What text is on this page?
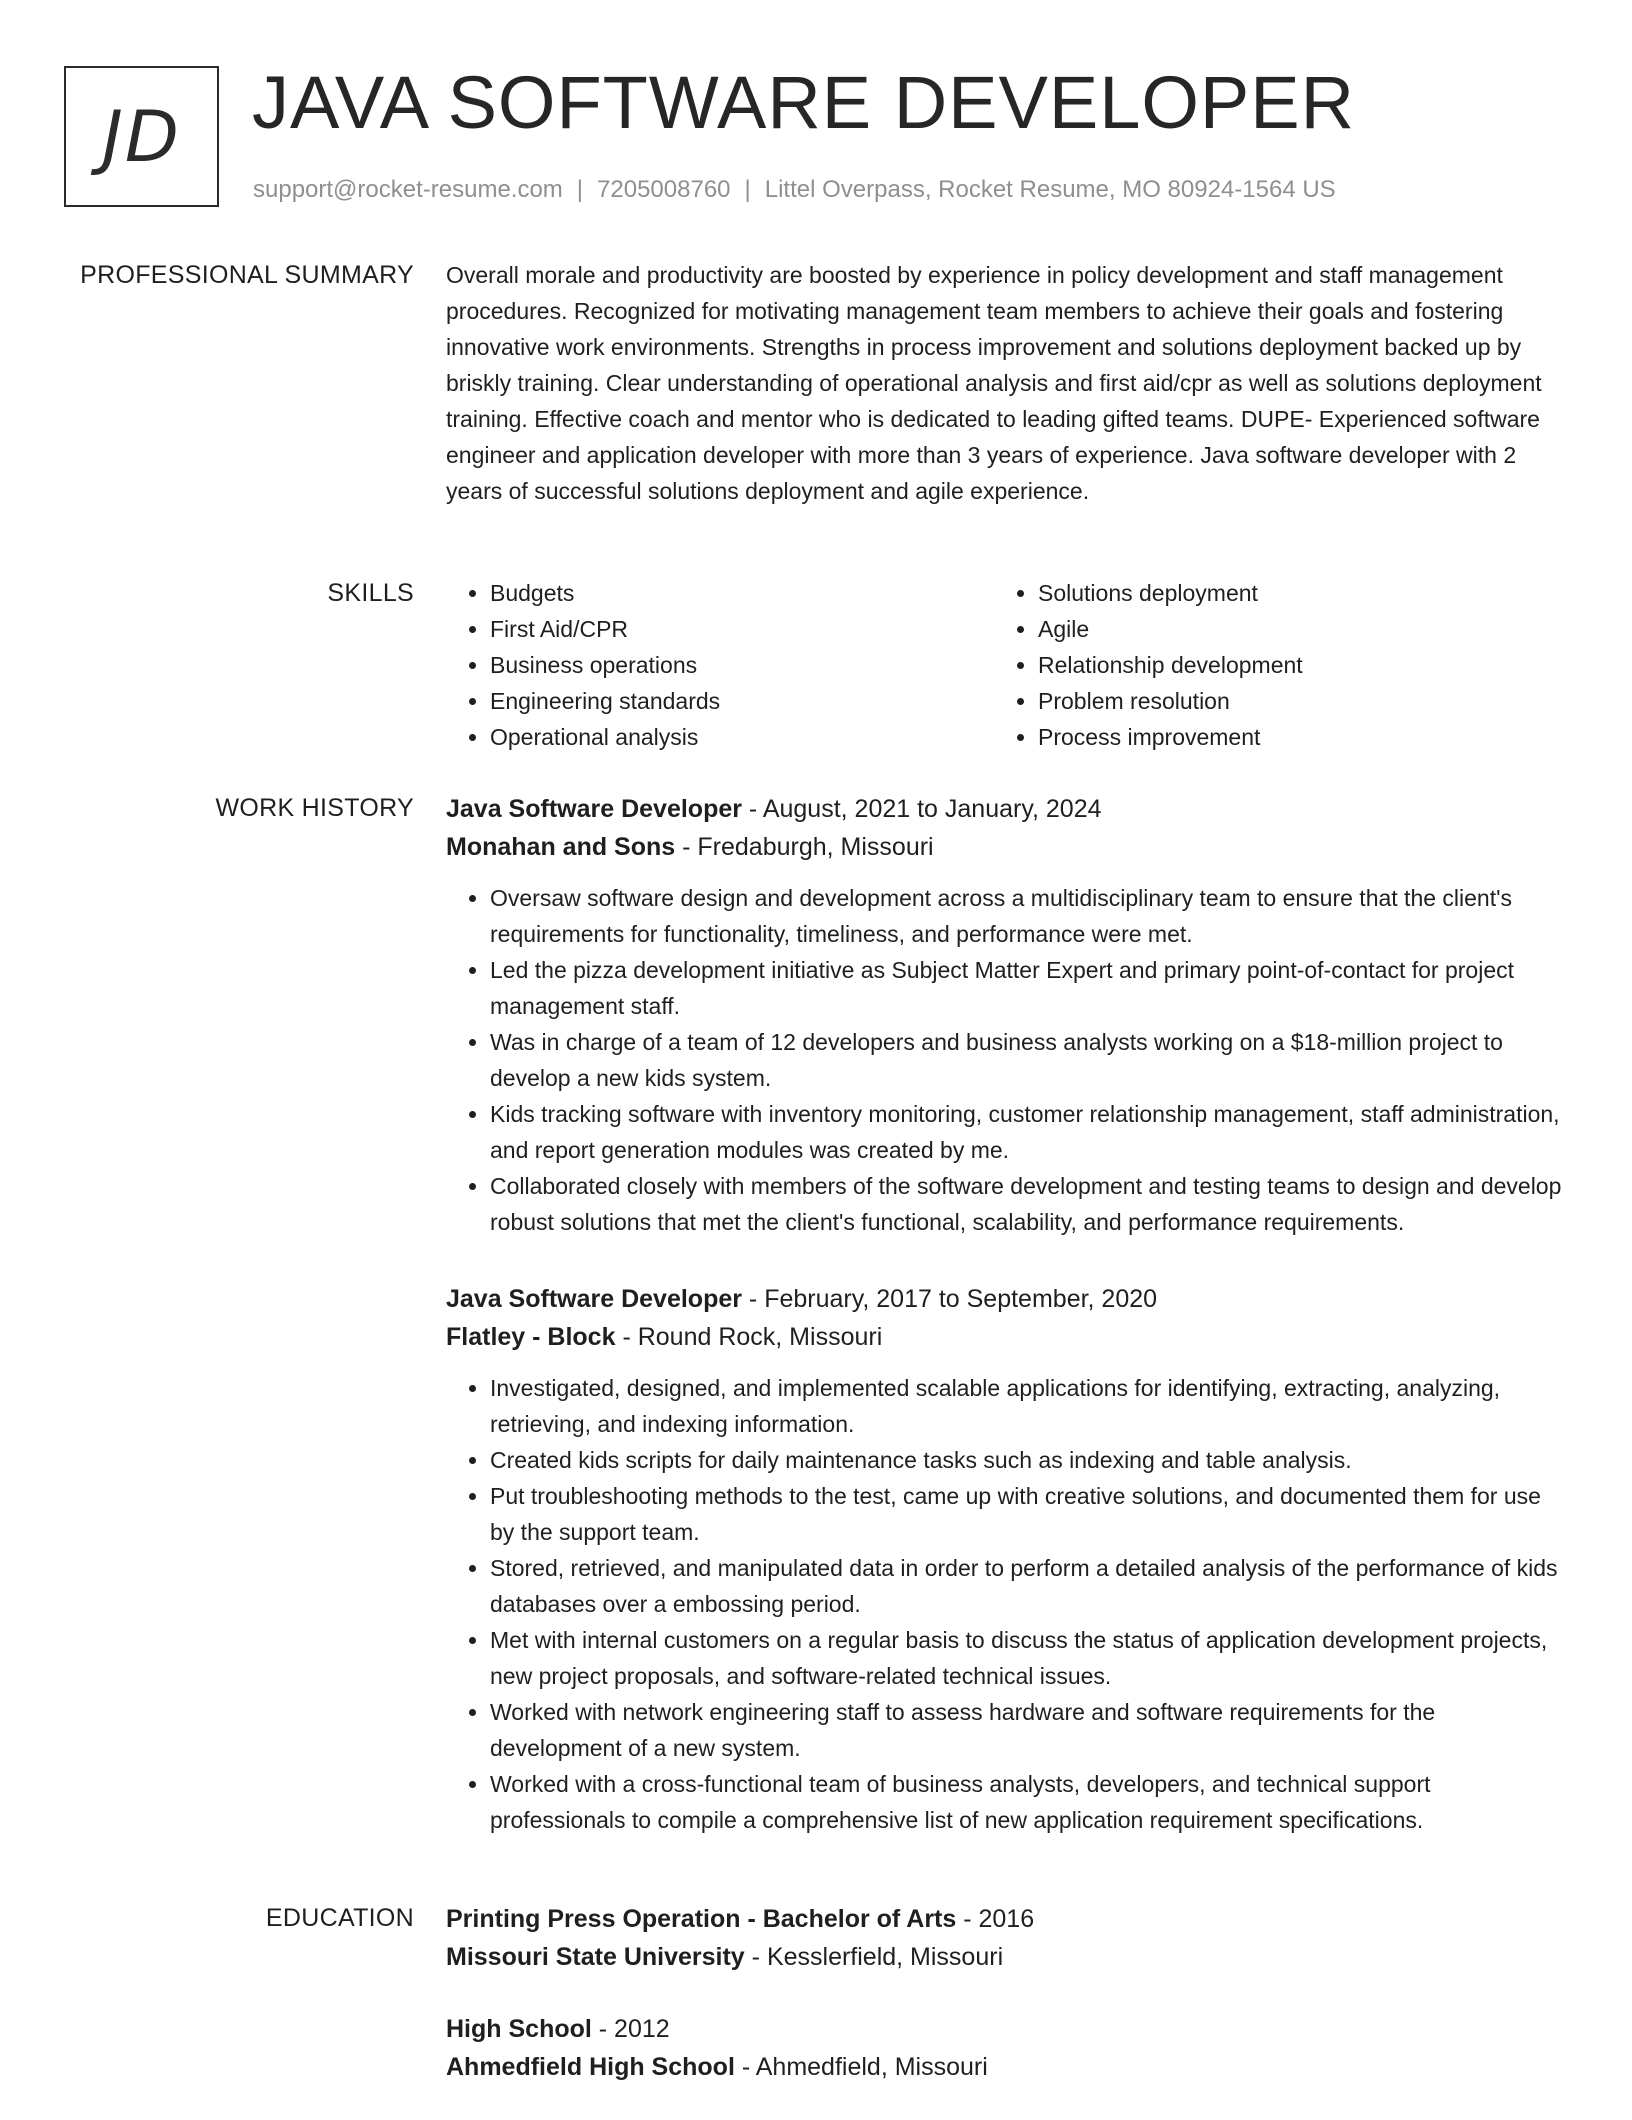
JD JAVA SOFTWARE DEVELOPER
support@rocket-resume.com | 7205008760 | Littel Overpass, Rocket Resume, MO 80924-1564 US
PROFESSIONAL SUMMARY Overall morale and productivity are boosted by experience in policy development and staff management procedures. Recognized for motivating management team members to achieve their goals and fostering innovative work environments. Strengths in process improvement and solutions deployment backed up by briskly training. Clear understanding of operational analysis and first aid/cpr as well as solutions deployment training. Effective coach and mentor who is dedicated to leading gifted teams. DUPE- Experienced software engineer and application developer with more than 3 years of experience. Java software developer with 2 years of successful solutions deployment and agile experience.

SKILLS
•	Budgets
• First Aid/CPR
• Business operations
• Engineering standards
• Operational analysis
• Solutions deployment
• Agile
• Relationship development
• Problem resolution
• Process improvement
WORK HISTORY Java Software Developer - August, 2021 to January, 2024
Monahan and Sons - Fredaburgh, Missouri
• Oversaw software design and development across a multidisciplinary team to ensure that the client's requirements for functionality, timeliness, and performance were met.
• Led the pizza development initiative as Subject Matter Expert and primary point-of-contact for project management staff.
• Was in charge of a team of 12 developers and business analysts working on a $18-million project to develop a new kids system.
• Kids tracking software with inventory monitoring, customer relationship management, staff administration, and report generation modules was created by me.
• Collaborated closely with members of the software development and testing teams to design and develop robust solutions that met the client's functional, scalability, and performance requirements.
Java Software Developer - February, 2017 to September, 2020
Flatley - Block - Round Rock, Missouri
• Investigated, designed, and implemented scalable applications for identifying, extracting, analyzing, retrieving, and indexing information.
• Created kids scripts for daily maintenance tasks such as indexing and table analysis.
• Put troubleshooting methods to the test, came up with creative solutions, and documented them for use by the support team.
• Stored, retrieved, and manipulated data in order to perform a detailed analysis of the performance of kids databases over a embossing period.
• Met with internal customers on a regular basis to discuss the status of application development projects, new project proposals, and software-related technical issues.
• Worked with network engineering staff to assess hardware and software requirements for the development of a new system.
• Worked with a cross-functional team of business analysts, developers, and technical support professionals to compile a comprehensive list of new application requirement specifications.
EDUCATION Printing Press Operation - Bachelor of Arts - 2016
Missouri State University - Kesslerfield, Missouri
High School - 2012
Ahmedfield High School - Ahmedfield, Missouri
